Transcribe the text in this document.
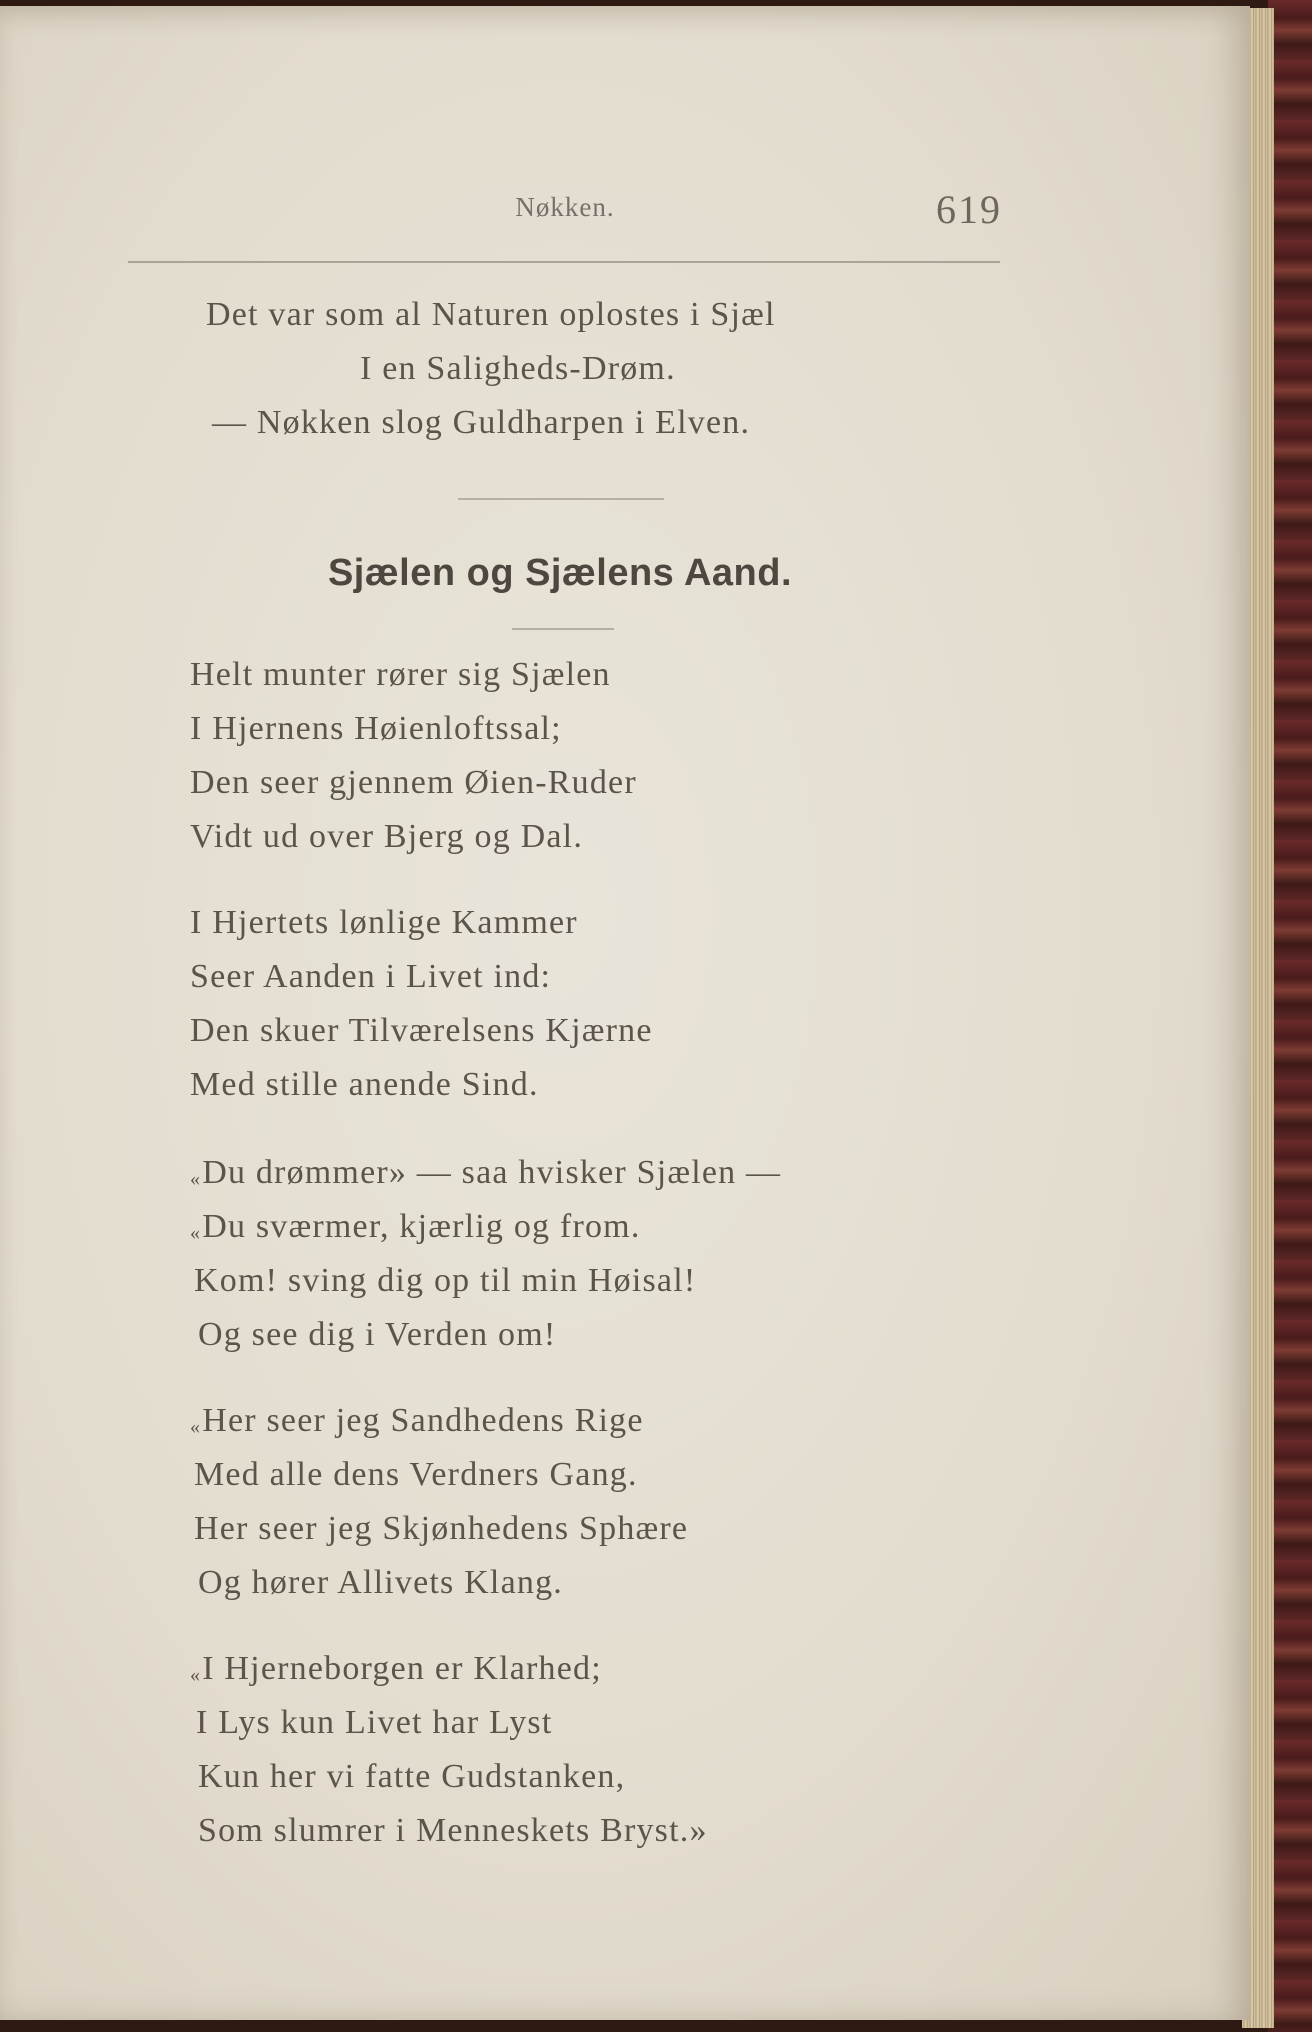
Nøkken.	619
Det var som al Naturen oplostes i Sjæl
I en Saligheds-Drøm.
— Nøkken slog Guldharpen i Elven.
Sjælen og Sjælens Aand.
Helt munter rører sig Sjælen
I Hjernens Høienloftssal;
Den seer gjennem Øien-Ruder
Vidt ud over Bjerg og Dal.
I Hjertets lønlige Kammer
Seer Aanden i Livet ind:
Den skuer Tilværelsens Kjærne
Med stille anende Sind.
«Du drømmer» — saa hvisker Sjælen —
«Du sværmer, kjærlig og from.
Kom! sving dig op til min Høisal!
Og see dig i Verden om!
«Her seer jeg Sandhedens Rige
Med alle dens Verdners Gang.
Her seer jeg Skjønhedens Sphære
Og hører Allivets Klang.
«I Hjerneborgen er Klarhed;
I Lys kun Livet har Lyst
Kun her vi fatte Gudstanken,
Som slumrer i Menneskets Bryst.»
